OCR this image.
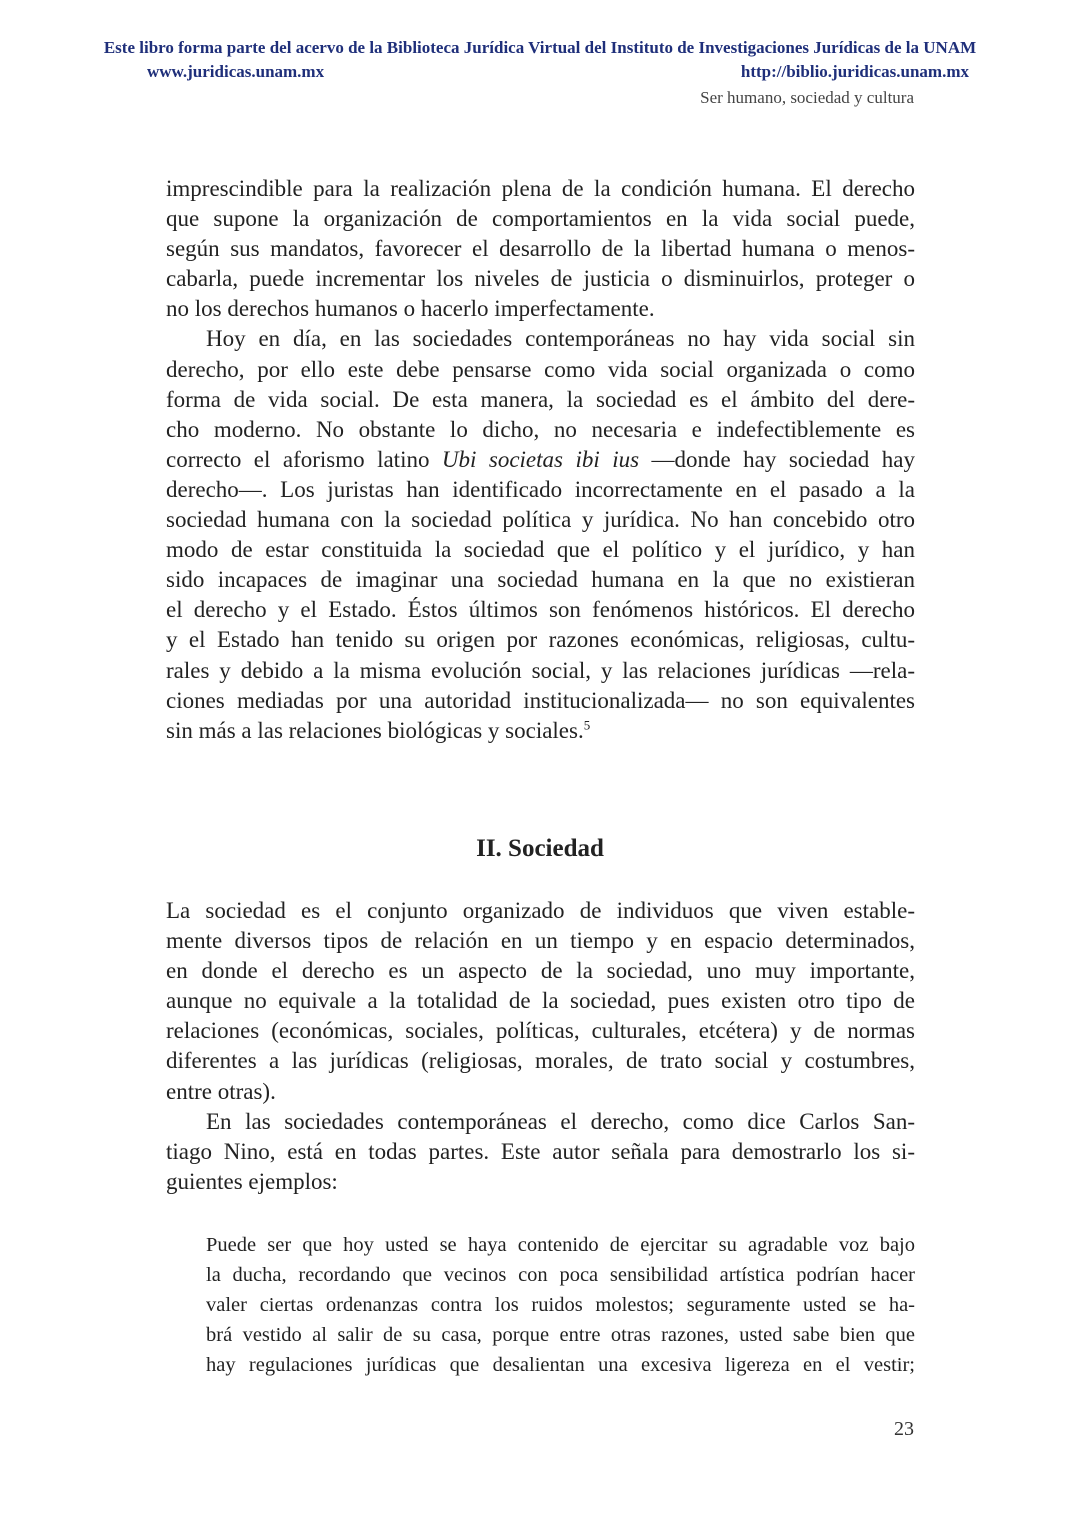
Este libro forma parte del acervo de la Biblioteca Jurídica Virtual del Instituto de Investigaciones Jurídicas de la UNAM
www.juridicas.unam.mx	http://biblio.juridicas.unam.mx
Ser humano, sociedad y cultura

imprescindible para la realización plena de la condición humana. El derecho
que supone la organización de comportamientos en la vida social puede,
según sus mandatos, favorecer el desarrollo de la libertad humana o menos-
cabarla, puede incrementar los niveles de justicia o disminuirlos, proteger o
no los derechos humanos o hacerlo imperfectamente.

Hoy en día, en las sociedades contemporáneas no hay vida social sin
derecho, por ello este debe pensarse como vida social organizada o como
forma de vida social. De esta manera, la sociedad es el ámbito del dere-
cho moderno. No obstante lo dicho, no necesaria e indefectiblemente es
correcto el aforismo latino Ubi societas ibi ius —donde hay sociedad hay
derecho—. Los juristas han identificado incorrectamente en el pasado a la
sociedad humana con la sociedad política y jurídica. No han concebido otro
modo de estar constituida la sociedad que el político y el jurídico, y han
sido incapaces de imaginar una sociedad humana en la que no existieran
el derecho y el Estado. Éstos últimos son fenómenos históricos. El derecho
y el Estado han tenido su origen por razones económicas, religiosas, cultu-
rales y debido a la misma evolución social, y las relaciones jurídicas —rela-
ciones mediadas por una autoridad institucionalizada— no son equivalentes
sin más a las relaciones biológicas y sociales.$^5$

II. Sociedad

La sociedad es el conjunto organizado de individuos que viven estable-
mente diversos tipos de relación en un tiempo y en espacio determinados,
en donde el derecho es un aspecto de la sociedad, uno muy importante,
aunque no equivale a la totalidad de la sociedad, pues existen otro tipo de
relaciones (económicas, sociales, políticas, culturales, etcétera) y de normas
diferentes a las jurídicas (religiosas, morales, de trato social y costumbres,
entre otras).

En las sociedades contemporáneas el derecho, como dice Carlos San-
tiago Nino, está en todas partes. Este autor señala para demostrarlo los si-
guientes ejemplos:

Puede ser que hoy usted se haya contenido de ejercitar su agradable voz bajo
la ducha, recordando que vecinos con poca sensibilidad artística podrían hacer
valer ciertas ordenanzas contra los ruidos molestos; seguramente usted se ha-
brá vestido al salir de su casa, porque entre otras razones, usted sabe bien que
hay regulaciones jurídicas que desalientan una excesiva ligereza en el vestir;

23
